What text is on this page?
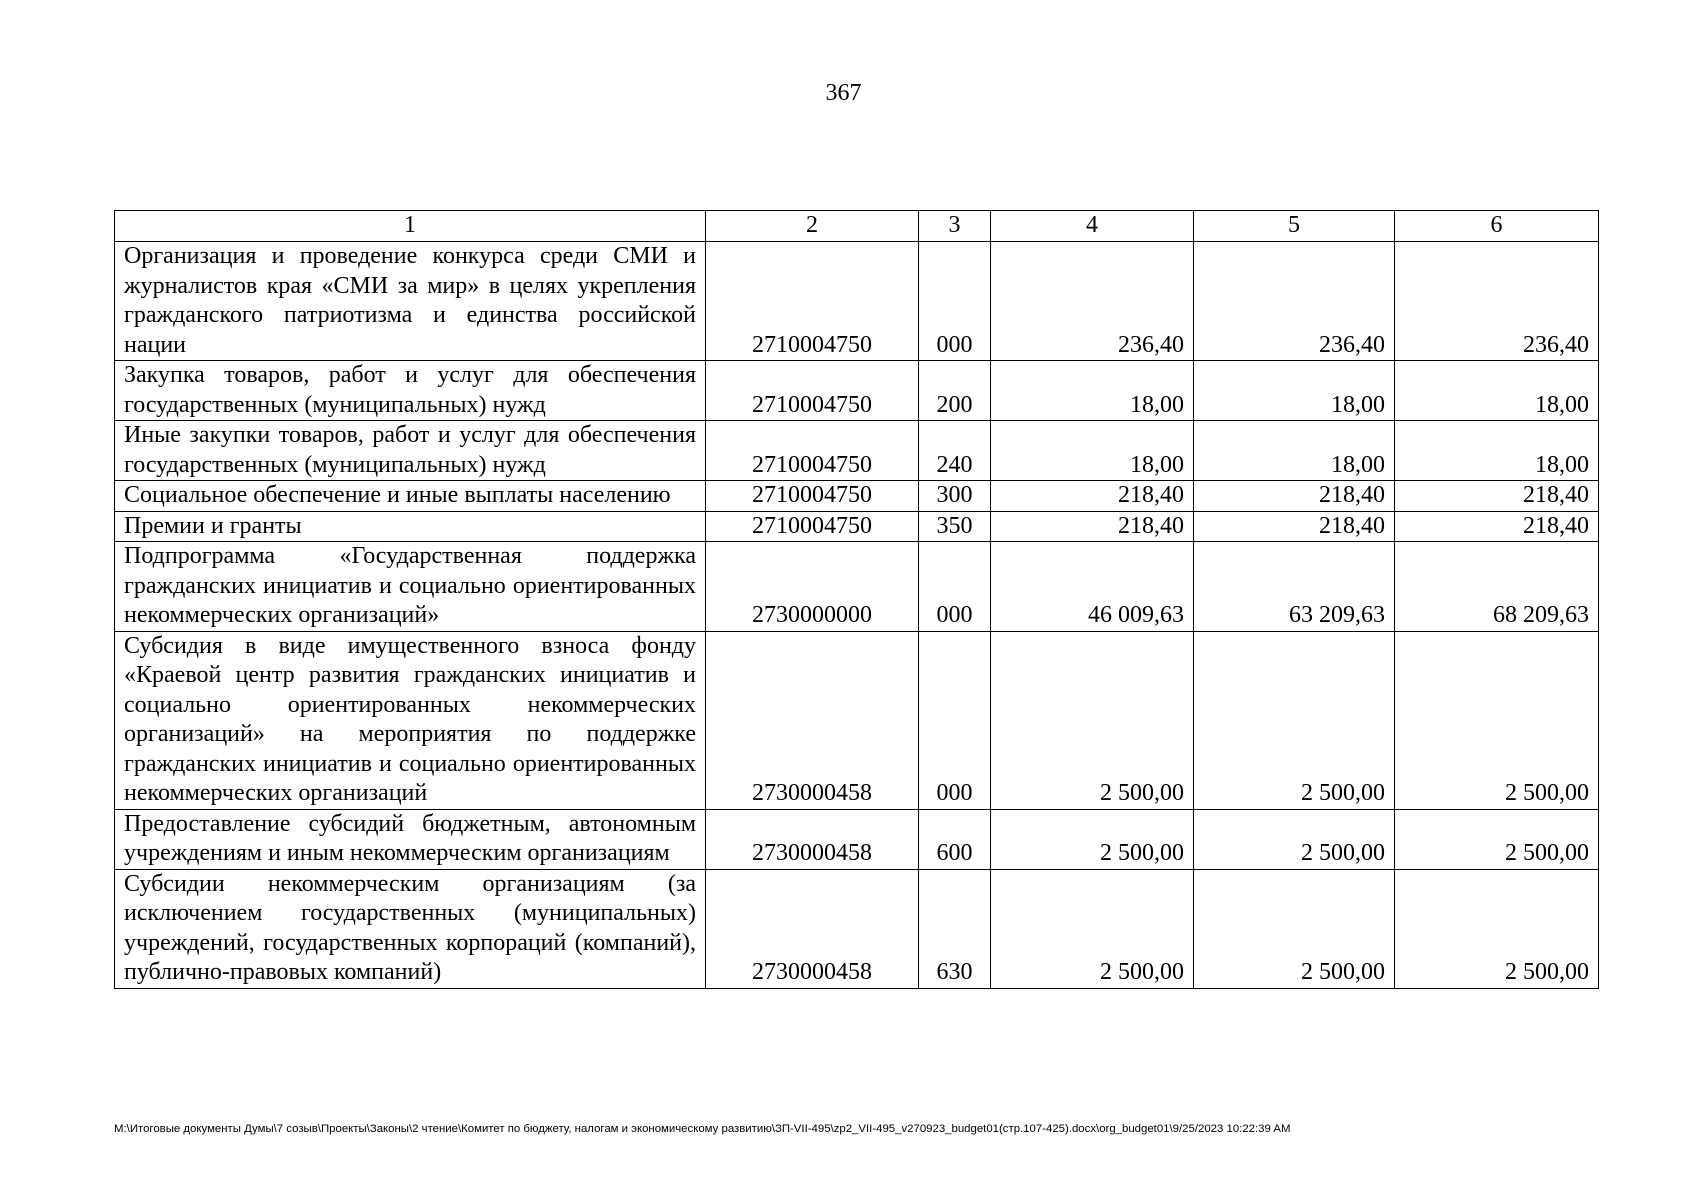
367
1	2	3	4	5	6
Организация и проведение конкурса среди СМИ и журналистов края «СМИ за мир» в целях укрепления гражданского патриотизма и единства российской нации	2710004750	000	236,40	236,40	236,40
Закупка товаров, работ и услуг для обеспечения государственных (муниципальных) нужд	2710004750	200	18,00	18,00	18,00
Иные закупки товаров, работ и услуг для обеспечения государственных (муниципальных) нужд	2710004750	240	18,00	18,00	18,00
Социальное обеспечение и иные выплаты населению	2710004750	300	218,40	218,40	218,40
Премии и гранты	2710004750	350	218,40	218,40	218,40
Подпрограмма «Государственная поддержка гражданских инициатив и социально ориентированных некоммерческих организаций»	2730000000	000	46 009,63	63 209,63	68 209,63
Субсидия в виде имущественного взноса фонду «Краевой центр развития гражданских инициатив и социально ориентированных некоммерческих организаций» на мероприятия по поддержке гражданских инициатив и социально ориентированных некоммерческих организаций	2730000458	000	2 500,00	2 500,00	2 500,00
Предоставление субсидий бюджетным, автономным учреждениям и иным некоммерческим организациям	2730000458	600	2 500,00	2 500,00	2 500,00
Субсидии некоммерческим организациям (за исключением государственных (муниципальных) учреждений, государственных корпораций (компаний), публично-правовых компаний)	2730000458	630	2 500,00	2 500,00	2 500,00
M:\Итоговые документы Думы\7 созыв\Проекты\Законы\2 чтение\Комитет по бюджету, налогам и экономическому развитию\ЗП-VII-495\zp2_VII-495_v270923_budget01(стр.107-425).docx\org_budget01\9/25/2023 10:22:39 AM
